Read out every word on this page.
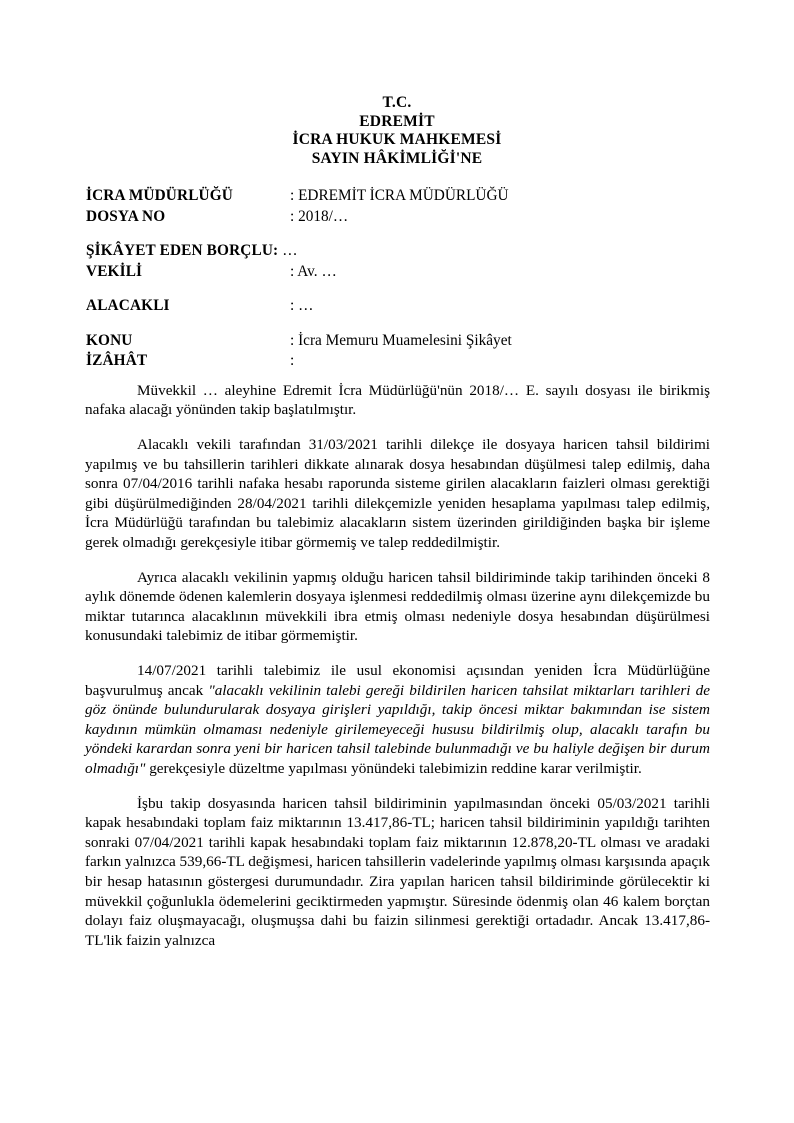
T.C.
EDREMİT
İCRA HUKUK MAHKEMESİ
SAYIN HÂKİMLİĞİ'NE
İCRA MÜDÜRLÜĞÜ	: EDREMİT İCRA MÜDÜRLÜĞÜ
DOSYA NO	: 2018/…
ŞİKÂYET EDEN BORÇLU: …
VEKİLİ	: Av. …
ALACAKLI	: …
KONU	: İcra Memuru Muamelesini Şikâyet
İZÂHÂT	:

Müvekkil … aleyhine Edremit İcra Müdürlüğü'nün 2018/… E. sayılı dosyası ile birikmiş nafaka alacağı yönünden takip başlatılmıştır.

Alacaklı vekili tarafından 31/03/2021 tarihli dilekçe ile dosyaya haricen tahsil bildirimi yapılmış ve bu tahsillerin tarihleri dikkate alınarak dosya hesabından düşülmesi talep edilmiş, daha sonra 07/04/2016 tarihli nafaka hesabı raporunda sisteme girilen alacakların faizleri olması gerektiği gibi düşürülmediğinden 28/04/2021 tarihli dilekçemizle yeniden hesaplama yapılması talep edilmiş, İcra Müdürlüğü tarafından bu talebimiz alacakların sistem üzerinden girildiğinden başka bir işleme gerek olmadığı gerekçesiyle itibar görmemiş ve talep reddedilmiştir.

Ayrıca alacaklı vekilinin yapmış olduğu haricen tahsil bildiriminde takip tarihinden önceki 8 aylık dönemde ödenen kalemlerin dosyaya işlenmesi reddedilmiş olması üzerine aynı dilekçemizde bu miktar tutarınca alacaklının müvekkili ibra etmiş olması nedeniyle dosya hesabından düşürülmesi konusundaki talebimiz de itibar görmemiştir.

14/07/2021 tarihli talebimiz ile usul ekonomisi açısından yeniden İcra Müdürlüğüne başvurulmuş ancak "alacaklı vekilinin talebi gereği bildirilen haricen tahsilat miktarları tarihleri de göz önünde bulundurularak dosyaya girişleri yapıldığı, takip öncesi miktar bakımından ise sistem kaydının mümkün olmaması nedeniyle girilemeyeceği hususu bildirilmiş olup, alacaklı tarafın bu yöndeki karardan sonra yeni bir haricen tahsil talebinde bulunmadığı ve bu haliyle değişen bir durum olmadığı" gerekçesiyle düzeltme yapılması yönündeki talebimizin reddine karar verilmiştir.

İşbu takip dosyasında haricen tahsil bildiriminin yapılmasından önceki 05/03/2021 tarihli kapak hesabındaki toplam faiz miktarının 13.417,86-TL; haricen tahsil bildiriminin yapıldığı tarihten sonraki 07/04/2021 tarihli kapak hesabındaki toplam faiz miktarının 12.878,20-TL olması ve aradaki farkın yalnızca 539,66-TL değişmesi, haricen tahsillerin vadelerinde yapılmış olması karşısında apaçık bir hesap hatasının göstergesi durumundadır. Zira yapılan haricen tahsil bildiriminde görülecektir ki müvekkil çoğunlukla ödemelerini geciktirmeden yapmıştır. Süresinde ödenmiş olan 46 kalem borçtan dolayı faiz oluşmayacağı, oluşmuşsa dahi bu faizin silinmesi gerektiği ortadadır. Ancak 13.417,86-TL'lik faizin yalnızca
